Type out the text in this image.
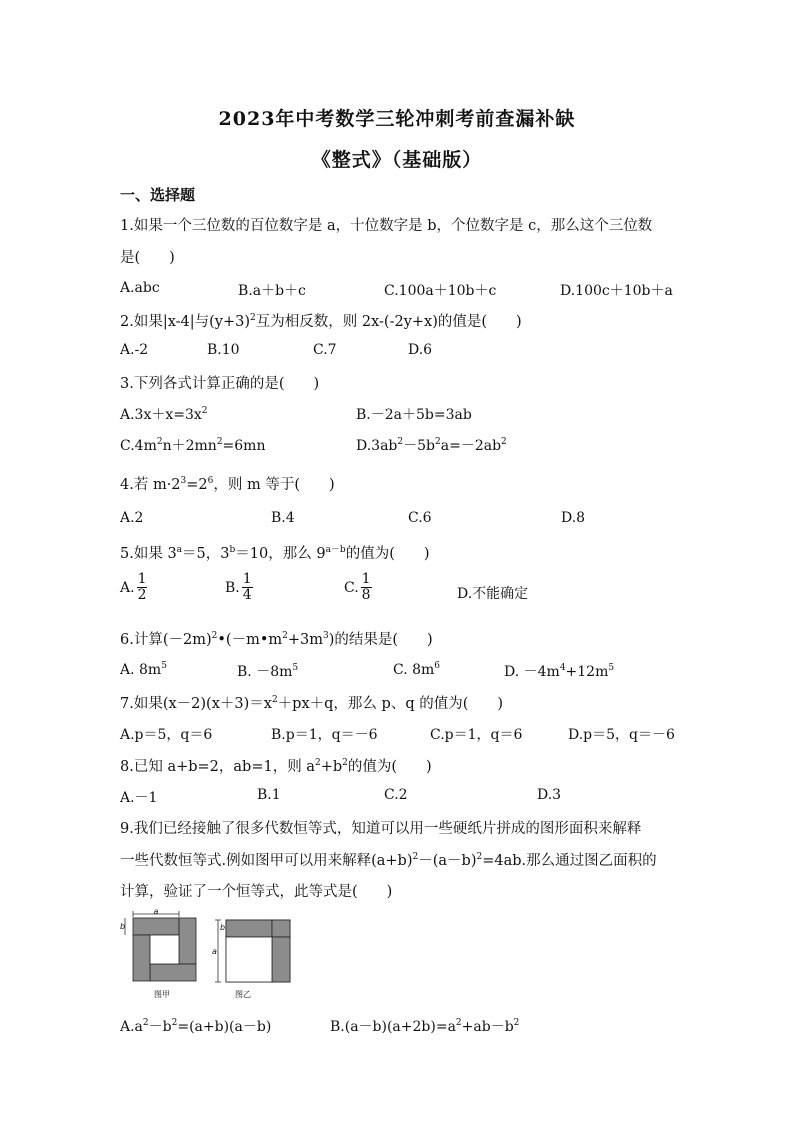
2023年中考数学三轮冲刺考前查漏补缺
《整式》（基础版）
一、选择题
1.如果一个三位数的百位数字是 a，十位数字是 b，个位数字是 c，那么这个三位数
是(　　)
A.abc	B.a＋b＋c	C.100a＋10b＋c	D.100c＋10b＋a
2.如果|x-4|与$(y+3)^2$互为相反数，则 2x-(-2y+x)的值是(　　)
A.-2	B.10	C.7	D.6
3.下列各式计算正确的是(　　)
$A.3x+x=3x^2$	B.－2a＋5b=3ab
$C.4m^2n+2mn^2=6mn$	$D.3ab^2-5b^2a=-2ab^2$
4.若 $m\cdot 2^3=2^6$，则 m 等于(　　)
A.2	B.4	C.6	D.8
5.如果 $3^a=5$，$3^b=10$，那么 $9^{a-b}$的值为(　　)
A. $\frac{1}{2}$	B. $\frac{1}{4}$	C. $\frac{1}{8}$	D.不能确定
6.计算$(-2m)^2•(-m•m^2+3m^3)$的结果是(　　)
A. $8m^5$	B. $-8m^5$	C. $8m^6$	D. $-4m^4+12m^5$
7.如果$(x-2)(x+3)=x^2+px+q$，那么 p、q 的值为(　　)
A.p＝5，q＝6	B.p＝1，q＝－6	C.p＝1，q＝6	D.p＝5，q＝－6
8.已知 a+b=2，ab=1，则 $a^2+b^2$的值为(　　)
A.－1	B.1	C.2	D.3
9.我们已经接触了很多代数恒等式，知道可以用一些硬纸片拼成的图形面积来解释
一些代数恒等式.例如图甲可以用来解释$(a+b)^2-(a-b)^2=4ab$.那么通过图乙面积的
计算，验证了一个恒等式，此等式是(　　)
a
b
图甲
a
b
图乙
$A.a^2-b^2=(a+b)(a-b)$	$B.(a-b)(a+2b)=a^2+ab-b^2$
